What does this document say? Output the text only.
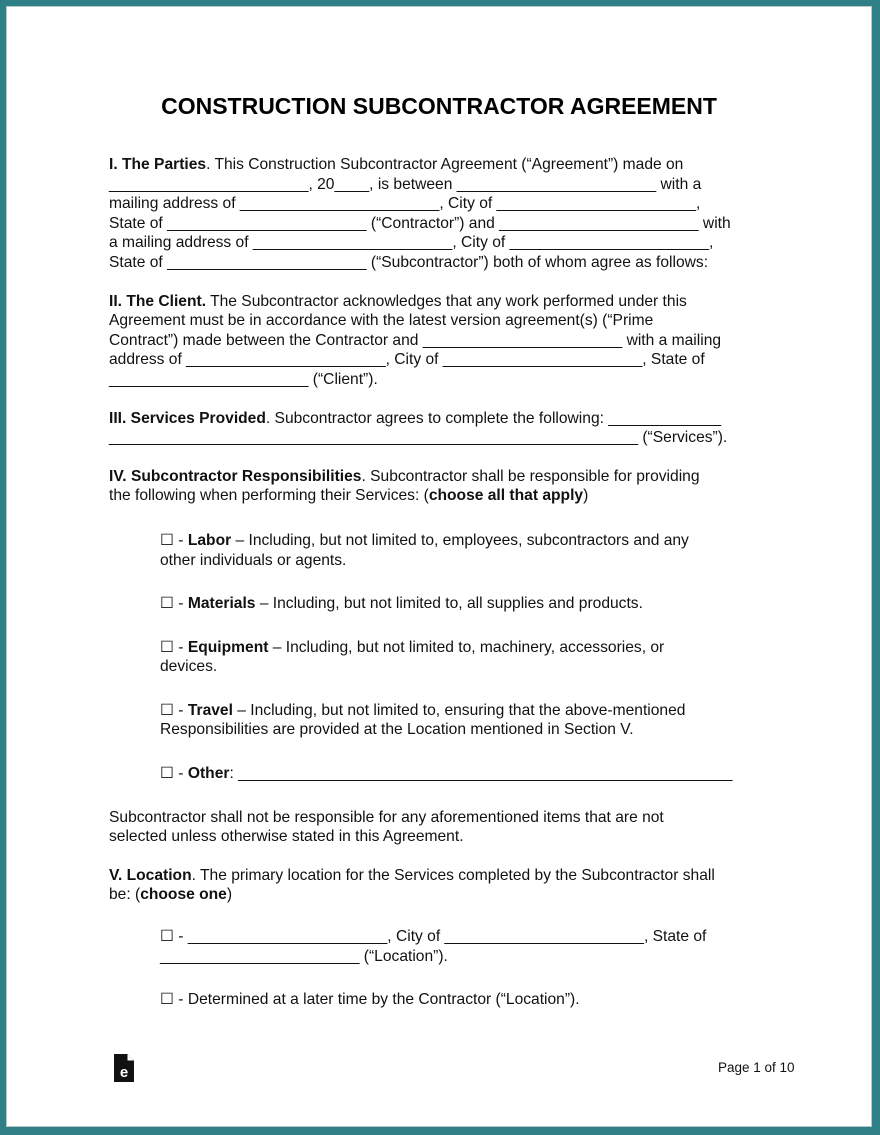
CONSTRUCTION SUBCONTRACTOR AGREEMENT
I. The Parties. This Construction Subcontractor Agreement (“Agreement”) made on
_______________________, 20____, is between _______________________ with a
mailing address of _______________________, City of _______________________,
State of _______________________ (“Contractor”) and _______________________ with
a mailing address of _______________________, City of _______________________,
State of _______________________ (“Subcontractor”) both of whom agree as follows:
II. The Client. The Subcontractor acknowledges that any work performed under this
Agreement must be in accordance with the latest version agreement(s) (“Prime
Contract”) made between the Contractor and _______________________ with a mailing
address of _______________________, City of _______________________, State of
_______________________ (“Client”).
III. Services Provided. Subcontractor agrees to complete the following: _____________
_____________________________________________________________ (“Services”).
IV. Subcontractor Responsibilities. Subcontractor shall be responsible for providing
the following when performing their Services: (choose all that apply)
☐ - Labor – Including, but not limited to, employees, subcontractors and any
other individuals or agents.
☐ - Materials – Including, but not limited to, all supplies and products.
☐ - Equipment – Including, but not limited to, machinery, accessories, or
devices.
☐ - Travel – Including, but not limited to, ensuring that the above-mentioned
Responsibilities are provided at the Location mentioned in Section V.
☐ - Other: _________________________________________________________
Subcontractor shall not be responsible for any aforementioned items that are not
selected unless otherwise stated in this Agreement.
V. Location. The primary location for the Services completed by the Subcontractor shall
be: (choose one)
☐ - _______________________, City of _______________________, State of
_______________________ (“Location”).
☐ - Determined at a later time by the Contractor (“Location”).
e	Page 1 of 10
